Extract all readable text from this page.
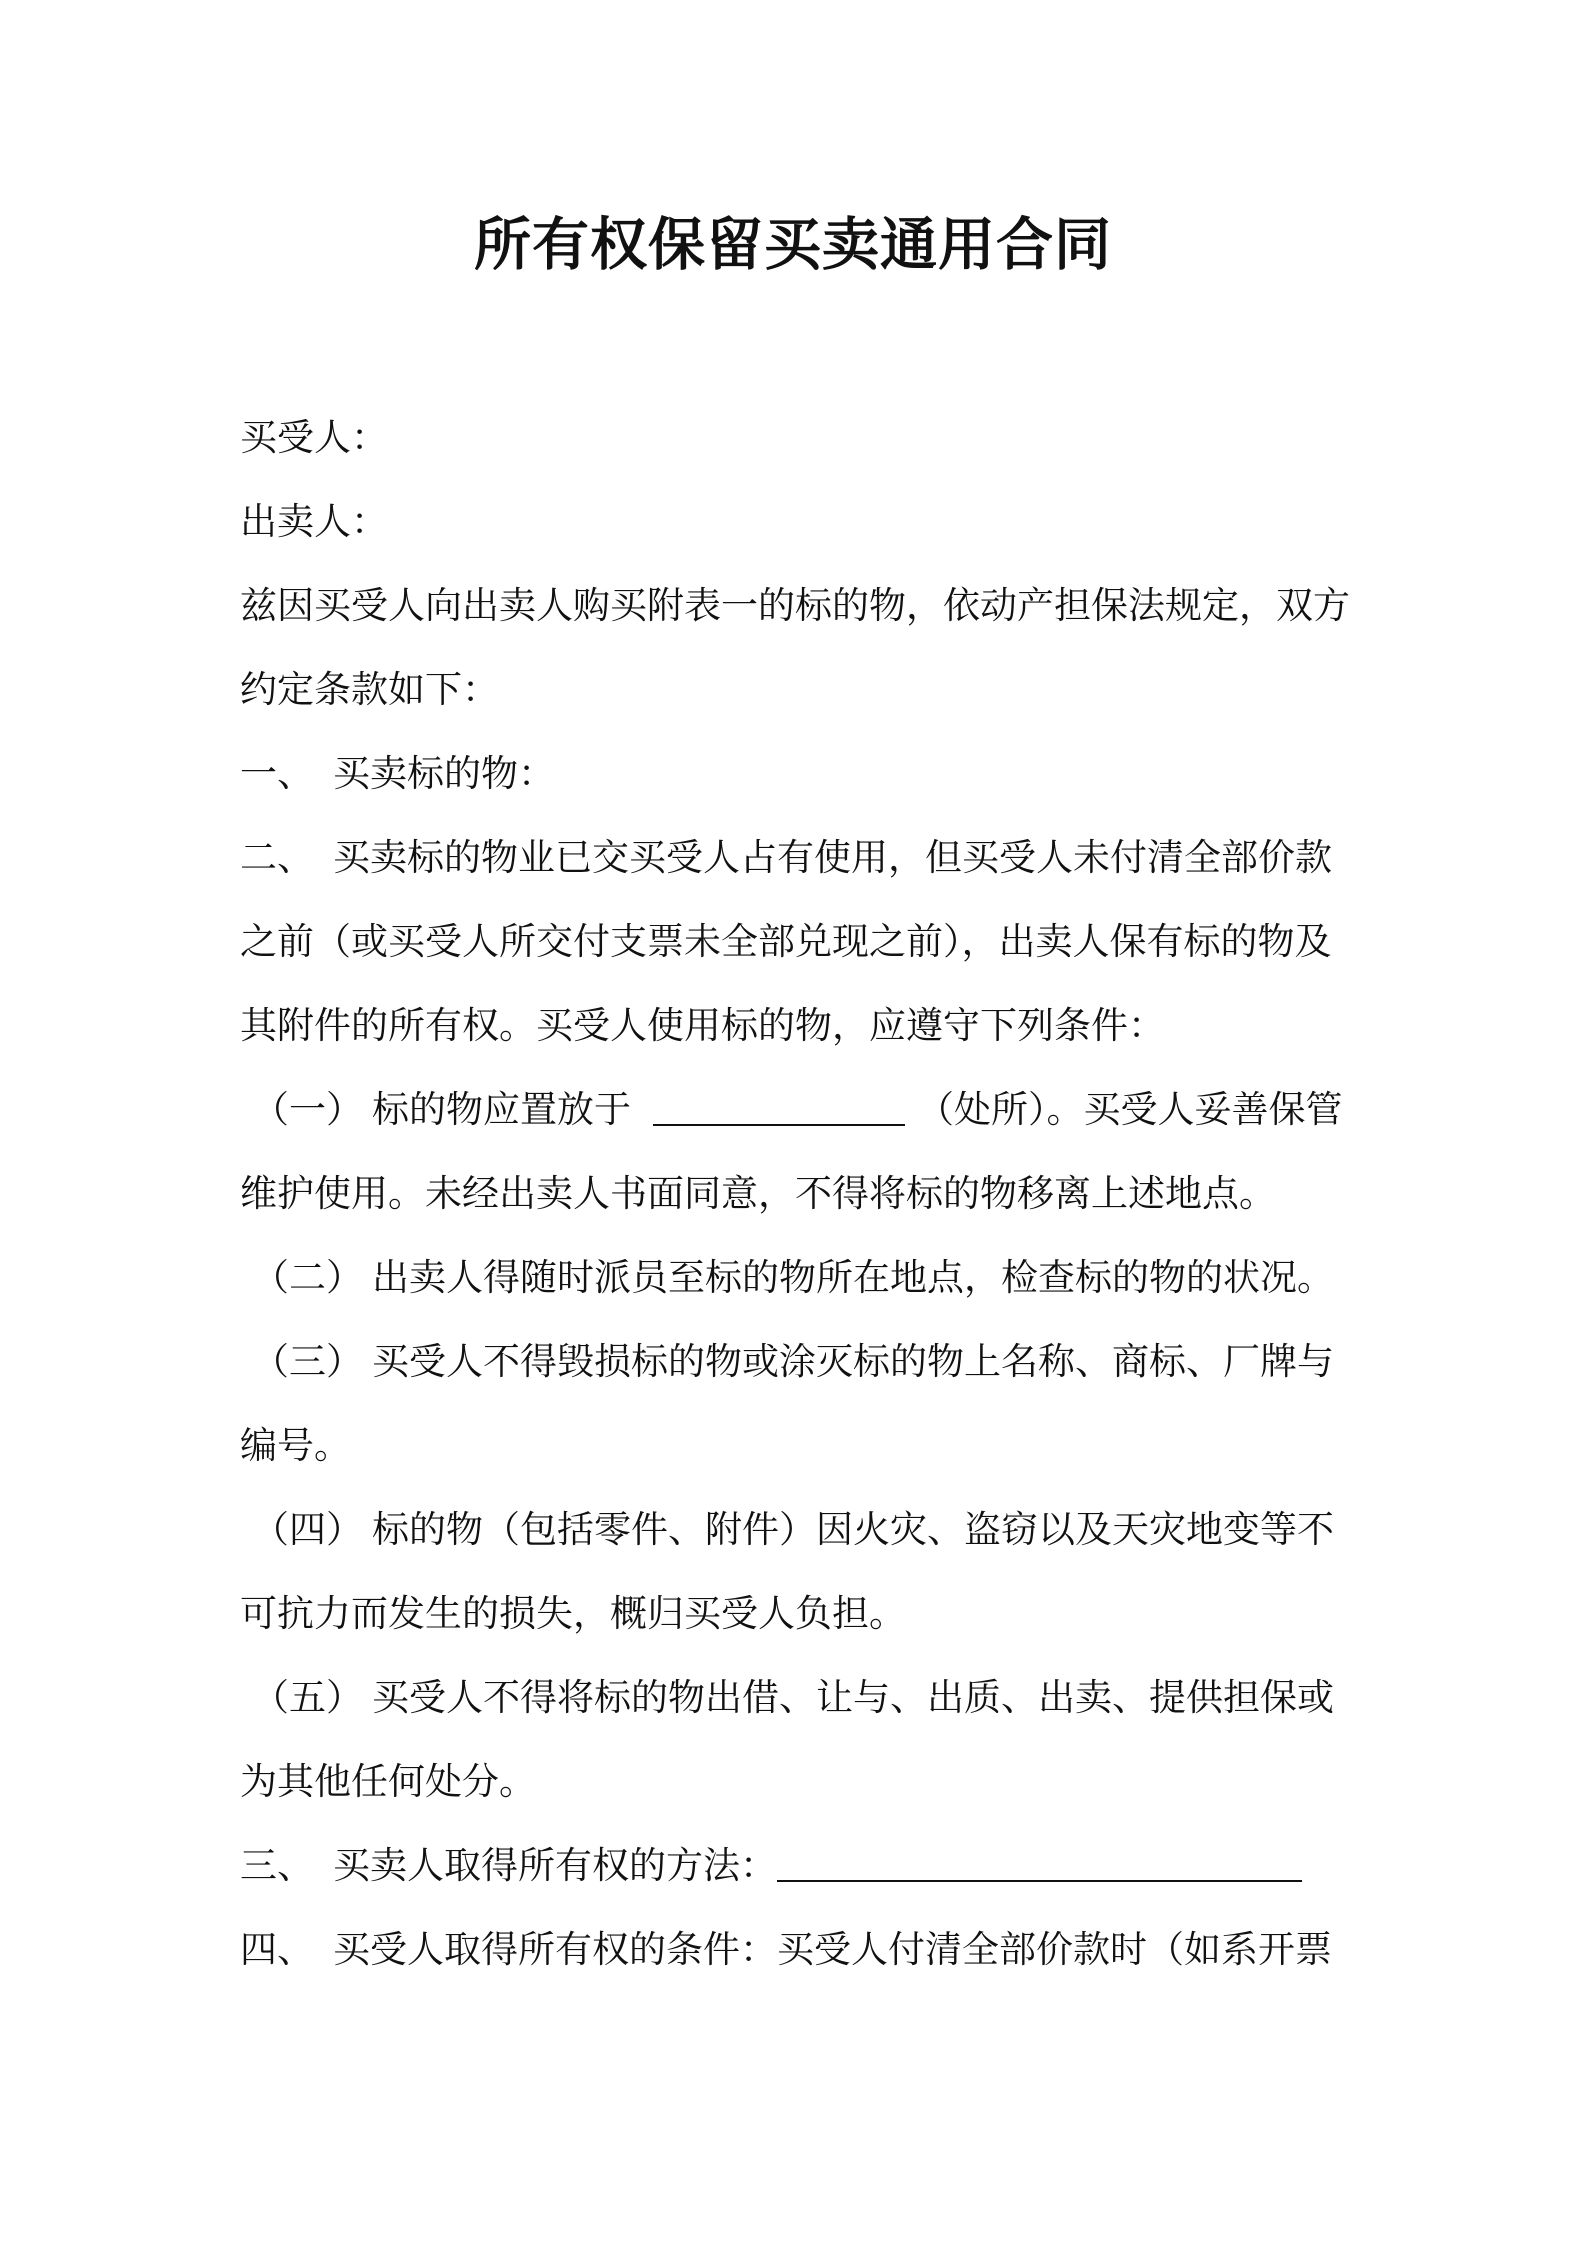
所有权保留买卖通用合同
买受人：
出卖人：
兹因买受人向出卖人购买附表一的标的物，依动产担保法规定，双方
约定条款如下：
一、 买卖标的物：
二、 买卖标的物业已交买受人占有使用，但买受人未付清全部价款
之前（或买受人所交付支票未全部兑现之前），出卖人保有标的物及
其附件的所有权。买受人使用标的物，应遵守下列条件：
（一） 标的物应置放于	（处所）。买受人妥善保管
维护使用。未经出卖人书面同意，不得将标的物移离上述地点。
（二） 出卖人得随时派员至标的物所在地点，检查标的物的状况。
（三） 买受人不得毁损标的物或涂灭标的物上名称、商标、厂牌与
编号。
（四） 标的物（包括零件、附件）因火灾、盗窃以及天灾地变等不
可抗力而发生的损失，概归买受人负担。
（五） 买受人不得将标的物出借、让与、出质、出卖、提供担保或
为其他任何处分。
三、 买卖人取得所有权的方法：
四、 买受人取得所有权的条件：买受人付清全部价款时（如系开票
